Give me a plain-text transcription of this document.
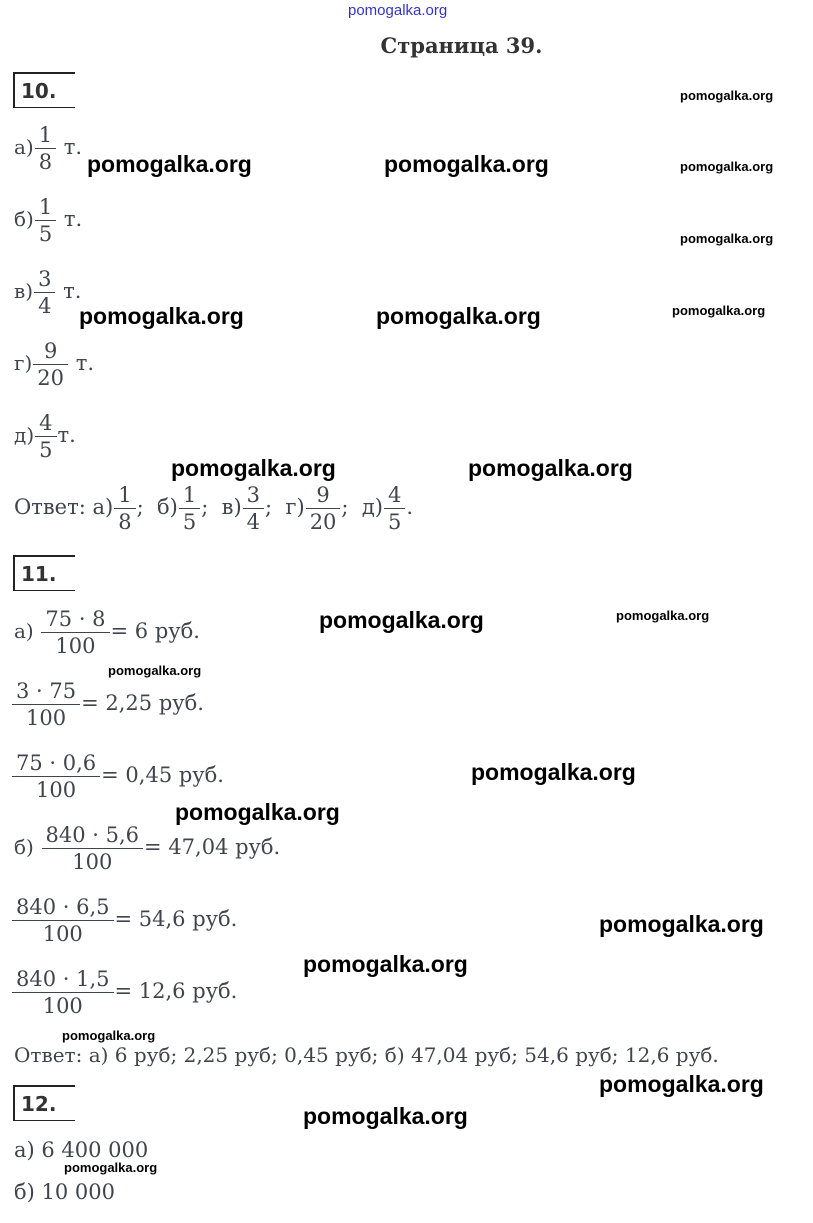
pomogalka.org
Страница 39.
10.
$а) \frac{1}{8} т$.
$б) \frac{1}{5} т$.
$в) \frac{3}{4} т$.
$г) \frac{9}{20} т$.
$д) \frac{4}{5} т$.
Ответ: $а) \frac{1}{8}$ ; $б) \frac{1}{5}$ ; $в) \frac{3}{4}$ ; $г) \frac{9}{20}$ ; $д) \frac{4}{5}$ .
11.
$а) \frac{75 \cdot 8}{100} = 6$ руб.
$\frac{3 \cdot 75}{100} = 2,25$ руб.
$\frac{75 \cdot 0,6}{100} = 0,45$ руб.
$б) \frac{840 \cdot 5,6}{100} = 47,04$ руб.
$\frac{840 \cdot 6,5}{100} = 54,6$ руб.
$\frac{840 \cdot 1,5}{100} = 12,6$ руб.
Ответ: а) 6 руб; 2,25 руб; 0,45 руб; б) 47,04 руб; 54,6 руб; 12,6 руб.
12.
а) 6 400 000
б) 10 000
pomogalka.org
pomogalka.org	pomogalka.org	pomogalka.org
pomogalka.org
pomogalka.org	pomogalka.org	pomogalka.org
pomogalka.org	pomogalka.org
pomogalka.org	pomogalka.org
pomogalka.org
pomogalka.org
pomogalka.org
pomogalka.org
pomogalka.org
pomogalka.org
pomogalka.org
pomogalka.org
pomogalka.org
